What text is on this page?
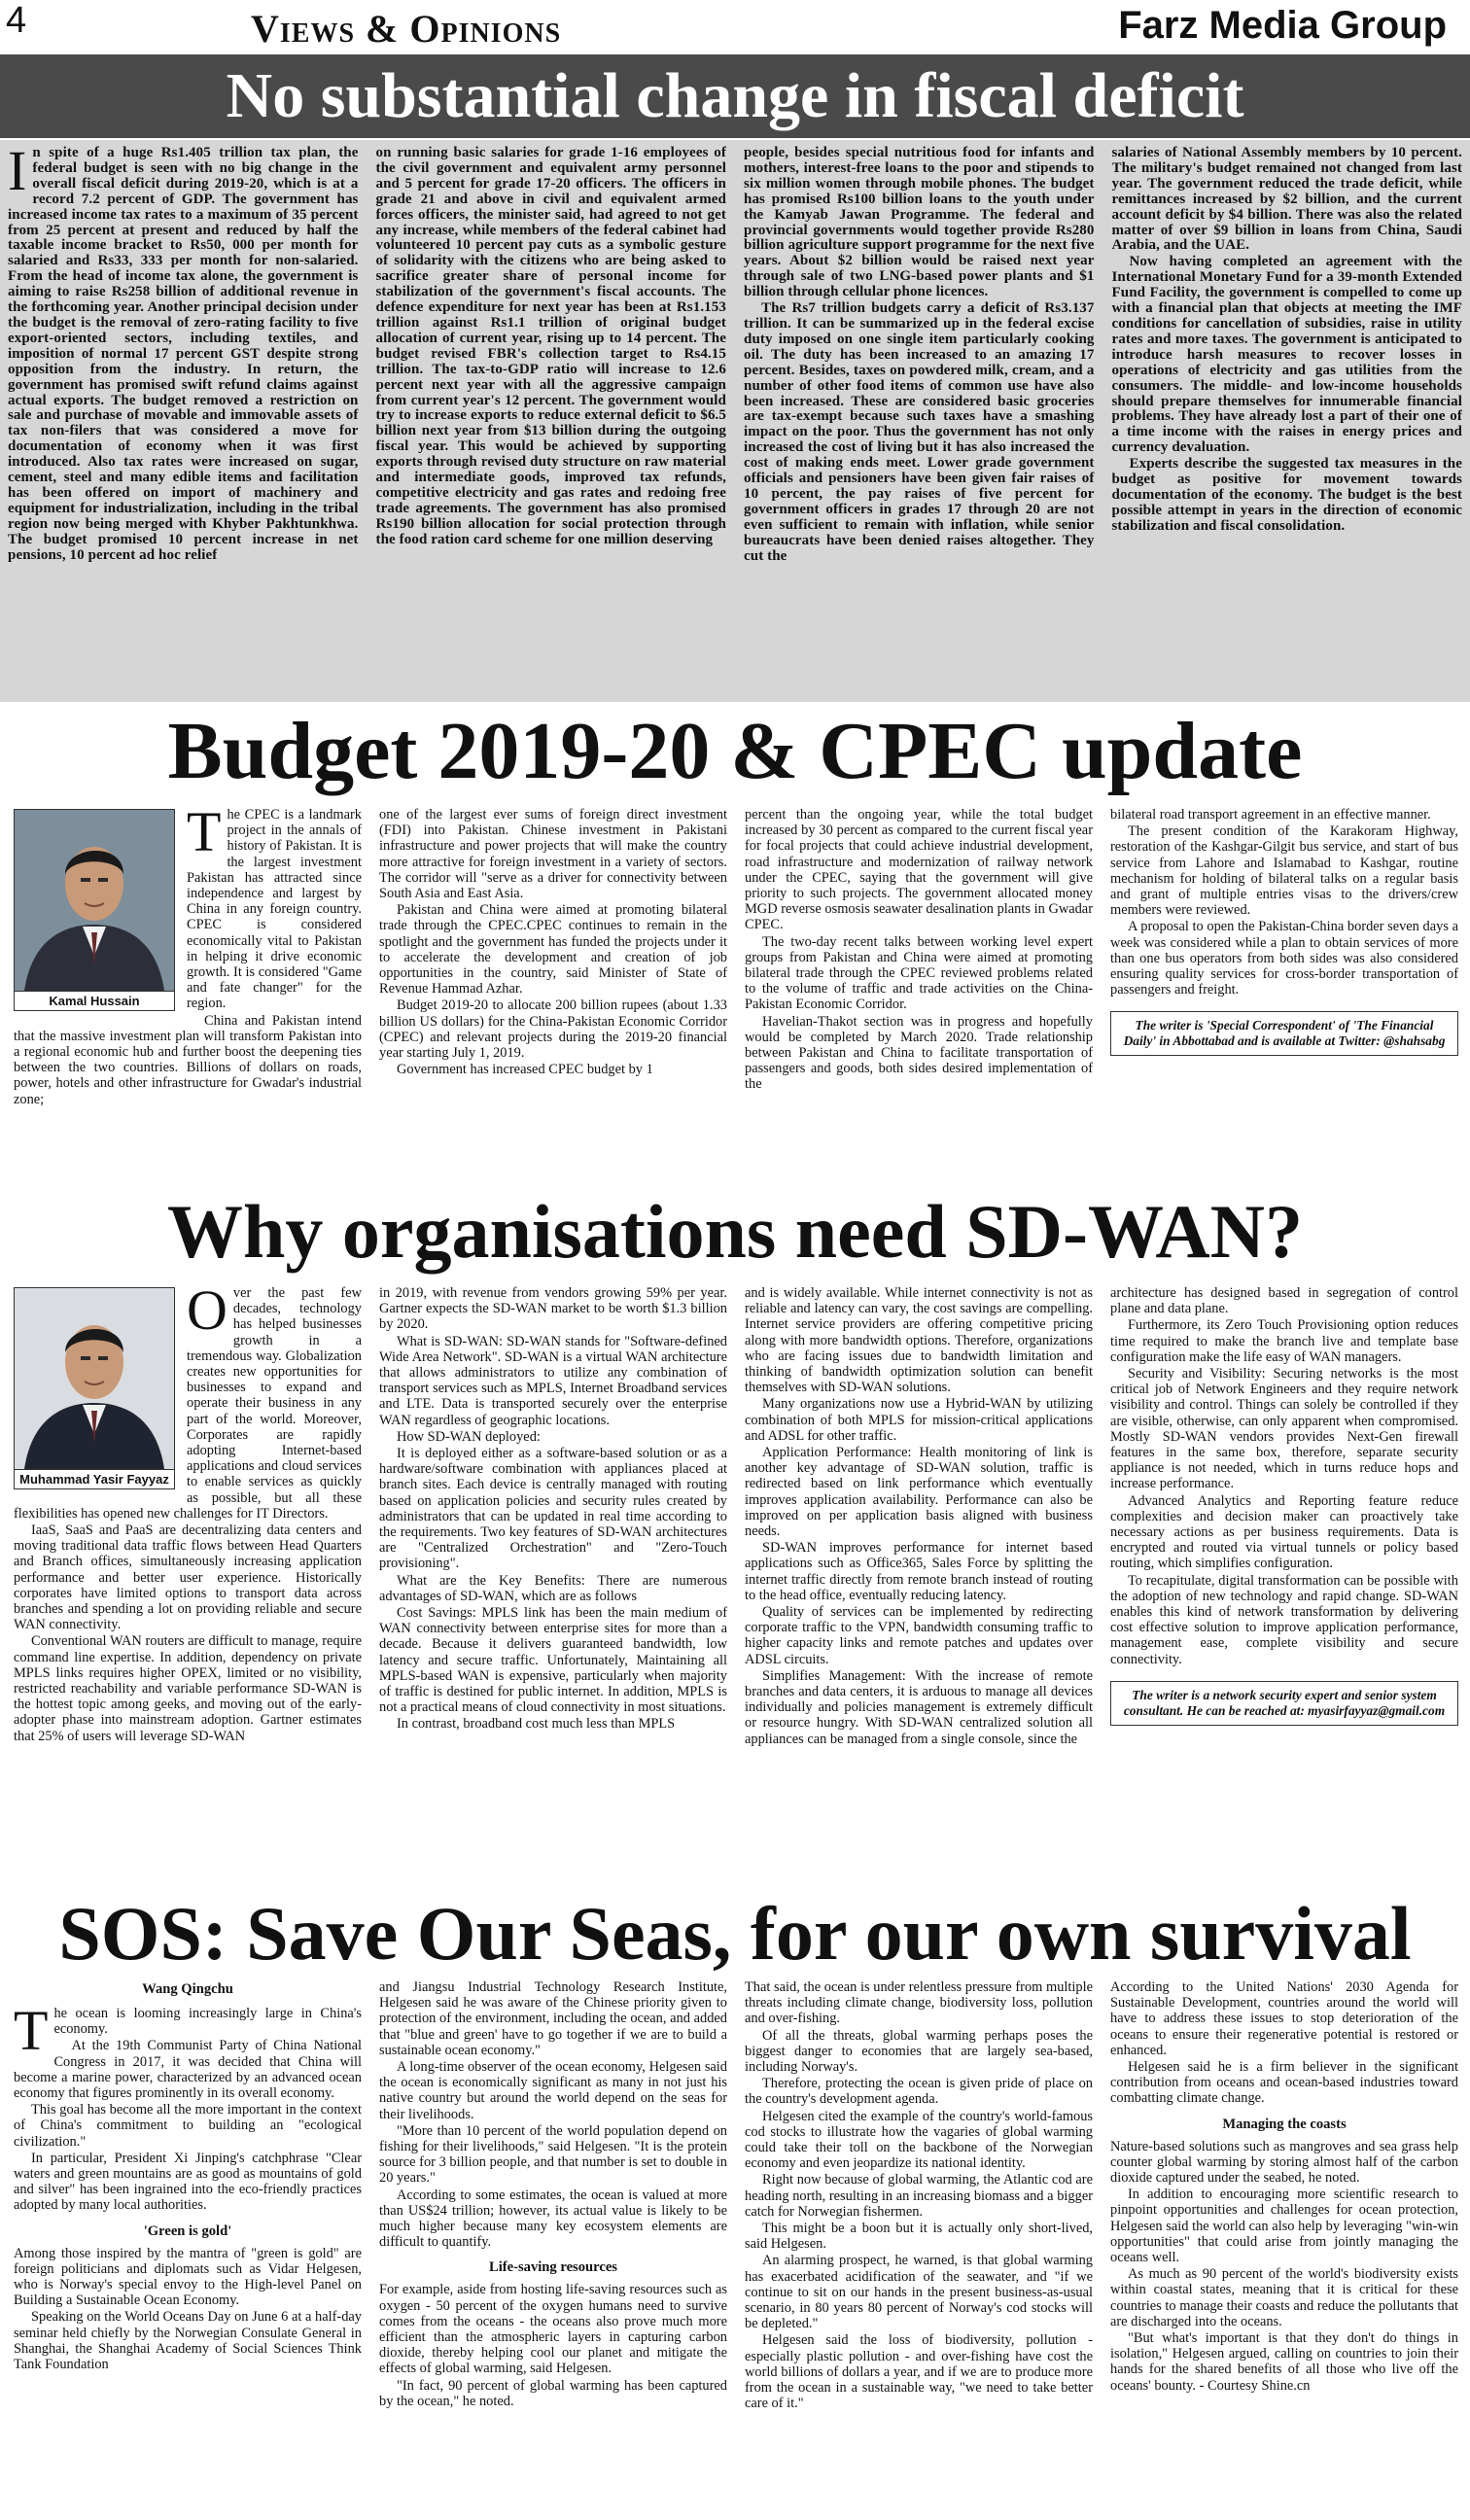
4	Views & Opinions	Farz Media Group
No substantial change in fiscal deficit

In spite of a huge Rs1.405 trillion tax plan, the federal budget is seen with no big change in the overall fiscal deficit during 2019-20, which is at a record 7.2 percent of GDP. The government has increased income tax rates to a maximum of 35 percent from 25 percent at present and reduced by half the taxable income bracket to Rs50, 000 per month for salaried and Rs33, 333 per month for non-salaried. From the head of income tax alone, the government is aiming to raise Rs258 billion of additional revenue in the forthcoming year. Another principal decision under the budget is the removal of zero-rating facility to five export-oriented sectors, including textiles, and imposition of normal 17 percent GST despite strong opposition from the industry. In return, the government has promised swift refund claims against actual exports. The budget removed a restriction on sale and purchase of movable and immovable assets of tax non-filers that was considered a move for documentation of economy when it was first introduced. Also tax rates were increased on sugar, cement, steel and many edible items and facilitation has been offered on import of machinery and equipment for industrialization, including in the tribal region now being merged with Khyber Pakhtunkhwa. The budget promised 10 percent increase in net pensions, 10 percent ad hoc relief

on running basic salaries for grade 1-16 employees of the civil government and equivalent army personnel and 5 percent for grade 17-20 officers. The officers in grade 21 and above in civil and equivalent armed forces officers, the minister said, had agreed to not get any increase, while members of the federal cabinet had volunteered 10 percent pay cuts as a symbolic gesture of solidarity with the citizens who are being asked to sacrifice greater share of personal income for stabilization of the government's fiscal accounts. The defence expenditure for next year has been at Rs1.153 trillion against Rs1.1 trillion of original budget allocation of current year, rising up to 14 percent. The budget revised FBR's collection target to Rs4.15 trillion. The tax-to-GDP ratio will increase to 12.6 percent next year with all the aggressive campaign from current year's 12 percent. The government would try to increase exports to reduce external deficit to $6.5 billion next year from $13 billion during the outgoing fiscal year. This would be achieved by supporting exports through revised duty structure on raw material and intermediate goods, improved tax refunds, competitive electricity and gas rates and redoing free trade agreements. The government has also promised Rs190 billion allocation for social protection through the food ration card scheme for one million deserving

people, besides special nutritious food for infants and mothers, interest-free loans to the poor and stipends to six million women through mobile phones. The budget has promised Rs100 billion loans to the youth under the Kamyab Jawan Programme. The federal and provincial governments would together provide Rs280 billion agriculture support programme for the next five years. About $2 billion would be raised next year through sale of two LNG-based power plants and $1 billion through cellular phone licences.

The Rs7 trillion budgets carry a deficit of Rs3.137 trillion. It can be summarized up in the federal excise duty imposed on one single item particularly cooking oil. The duty has been increased to an amazing 17 percent. Besides, taxes on powdered milk, cream, and a number of other food items of common use have also been increased. These are considered basic groceries are tax-exempt because such taxes have a smashing impact on the poor. Thus the government has not only increased the cost of living but it has also increased the cost of making ends meet. Lower grade government officials and pensioners have been given fair raises of 10 percent, the pay raises of five percent for government officers in grades 17 through 20 are not even sufficient to remain with inflation, while senior bureaucrats have been denied raises altogether. They cut the

salaries of National Assembly members by 10 percent. The military's budget remained not changed from last year. The government reduced the trade deficit, while remittances increased by $2 billion, and the current account deficit by $4 billion. There was also the related matter of over $9 billion in loans from China, Saudi Arabia, and the UAE.

Now having completed an agreement with the International Monetary Fund for a 39-month Extended Fund Facility, the government is compelled to come up with a financial plan that objects at meeting the IMF conditions for cancellation of subsidies, raise in utility rates and more taxes. The government is anticipated to introduce harsh measures to recover losses in operations of electricity and gas utilities from the consumers. The middle- and low-income households should prepare themselves for innumerable financial problems. They have already lost a part of their one of a time income with the raises in energy prices and currency devaluation.

Experts describe the suggested tax measures in the budget as positive for movement towards documentation of the economy. The budget is the best possible attempt in years in the direction of economic stabilization and fiscal consolidation.

Budget 2019-20 & CPEC update
Kamal Hussain

The CPEC is a landmark project in the annals of history of Pakistan. It is the largest investment Pakistan has attracted since independence and largest by China in any foreign country. CPEC is considered economically vital to Pakistan in helping it drive economic growth. It is considered "Game and fate changer" for the region.

China and Pakistan intend that the massive investment plan will transform Pakistan into a regional economic hub and further boost the deepening ties between the two countries. Billions of dollars on roads, power, hotels and other infrastructure for Gwadar's industrial zone;

one of the largest ever sums of foreign direct investment (FDI) into Pakistan. Chinese investment in Pakistani infrastructure and power projects that will make the country more attractive for foreign investment in a variety of sectors. The corridor will "serve as a driver for connectivity between South Asia and East Asia.

Pakistan and China were aimed at promoting bilateral trade through the CPEC.CPEC continues to remain in the spotlight and the government has funded the projects under it to accelerate the development and creation of job opportunities in the country, said Minister of State of Revenue Hammad Azhar.

Budget 2019-20 to allocate 200 billion rupees (about 1.33 billion US dollars) for the China-Pakistan Economic Corridor (CPEC) and relevant projects during the 2019-20 financial year starting July 1, 2019.

Government has increased CPEC budget by 1

percent than the ongoing year, while the total budget increased by 30 percent as compared to the current fiscal year for focal projects that could achieve industrial development, road infrastructure and modernization of railway network under the CPEC, saying that the government will give priority to such projects. The government allocated money MGD reverse osmosis seawater desalination plants in Gwadar CPEC.

The two-day recent talks between working level expert groups from Pakistan and China were aimed at promoting bilateral trade through the CPEC reviewed problems related to the volume of traffic and trade activities on the China-Pakistan Economic Corridor.

Havelian-Thakot section was in progress and hopefully would be completed by March 2020. Trade relationship between Pakistan and China to facilitate transportation of passengers and goods, both sides desired implementation of the

bilateral road transport agreement in an effective manner.

The present condition of the Karakoram Highway, restoration of the Kashgar-Gilgit bus service, and start of bus service from Lahore and Islamabad to Kashgar, routine mechanism for holding of bilateral talks on a regular basis and grant of multiple entries visas to the drivers/crew members were reviewed.

A proposal to open the Pakistan-China border seven days a week was considered while a plan to obtain services of more than one bus operators from both sides was also considered ensuring quality services for cross-border transportation of passengers and freight.

The writer is 'Special Correspondent' of 'The Financial Daily' in Abbottabad and is available at Twitter: @shahsabg
Why organisations need SD-WAN?
Muhammad Yasir Fayyaz

Over the past few decades, technology has helped businesses growth in a tremendous way. Globalization creates new opportunities for businesses to expand and operate their business in any part of the world. Moreover, Corporates are rapidly adopting Internet-based applications and cloud services to enable services as quickly as possible, but all these flexibilities has opened new challenges for IT Directors.

IaaS, SaaS and PaaS are decentralizing data centers and moving traditional data traffic flows between Head Quarters and Branch offices, simultaneously increasing application performance and better user experience. Historically corporates have limited options to transport data across branches and spending a lot on providing reliable and secure WAN connectivity.

Conventional WAN routers are difficult to manage, require command line expertise. In addition, dependency on private MPLS links requires higher OPEX, limited or no visibility, restricted reachability and variable performance SD-WAN is the hottest topic among geeks, and moving out of the early-adopter phase into mainstream adoption. Gartner estimates that 25% of users will leverage SD-WAN

in 2019, with revenue from vendors growing 59% per year. Gartner expects the SD-WAN market to be worth $1.3 billion by 2020.

What is SD-WAN: SD-WAN stands for "Software-defined Wide Area Network". SD-WAN is a virtual WAN architecture that allows administrators to utilize any combination of transport services such as MPLS, Internet Broadband services and LTE. Data is transported securely over the enterprise WAN regardless of geographic locations.

How SD-WAN deployed:

It is deployed either as a software-based solution or as a hardware/software combination with appliances placed at branch sites. Each device is centrally managed with routing based on application policies and security rules created by administrators that can be updated in real time according to the requirements. Two key features of SD-WAN architectures are "Centralized Orchestration" and "Zero-Touch provisioning".

What are the Key Benefits: There are numerous advantages of SD-WAN, which are as follows

Cost Savings: MPLS link has been the main medium of WAN connectivity between enterprise sites for more than a decade. Because it delivers guaranteed bandwidth, low latency and secure traffic. Unfortunately, Maintaining all MPLS-based WAN is expensive, particularly when majority of traffic is destined for public internet. In addition, MPLS is not a practical means of cloud connectivity in most situations.

In contrast, broadband cost much less than MPLS

and is widely available. While internet connectivity is not as reliable and latency can vary, the cost savings are compelling. Internet service providers are offering competitive pricing along with more bandwidth options. Therefore, organizations who are facing issues due to bandwidth limitation and thinking of bandwidth optimization solution can benefit themselves with SD-WAN solutions.

Many organizations now use a Hybrid-WAN by utilizing combination of both MPLS for mission-critical applications and ADSL for other traffic.

Application Performance: Health monitoring of link is another key advantage of SD-WAN solution, traffic is redirected based on link performance which eventually improves application availability. Performance can also be improved on per application basis aligned with business needs.

SD-WAN improves performance for internet based applications such as Office365, Sales Force by splitting the internet traffic directly from remote branch instead of routing to the head office, eventually reducing latency.

Quality of services can be implemented by redirecting corporate traffic to the VPN, bandwidth consuming traffic to higher capacity links and remote patches and updates over ADSL circuits.

Simplifies Management: With the increase of remote branches and data centers, it is arduous to manage all devices individually and policies management is extremely difficult or resource hungry. With SD-WAN centralized solution all appliances can be managed from a single console, since the

architecture has designed based in segregation of control plane and data plane.

Furthermore, its Zero Touch Provisioning option reduces time required to make the branch live and template base configuration make the life easy of WAN managers.

Security and Visibility: Securing networks is the most critical job of Network Engineers and they require network visibility and control. Things can solely be controlled if they are visible, otherwise, can only apparent when compromised. Mostly SD-WAN vendors provides Next-Gen firewall features in the same box, therefore, separate security appliance is not needed, which in turns reduce hops and increase performance.

Advanced Analytics and Reporting feature reduce complexities and decision maker can proactively take necessary actions as per business requirements. Data is encrypted and routed via virtual tunnels or policy based routing, which simplifies configuration.

To recapitulate, digital transformation can be possible with the adoption of new technology and rapid change. SD-WAN enables this kind of network transformation by delivering cost effective solution to improve application performance, management ease, complete visibility and secure connectivity.

The writer is a network security expert and senior system consultant. He can be reached at: myasirfayyaz@gmail.com
SOS: Save Our Seas, for our own survival
Wang Qingchu

The ocean is looming increasingly large in China's economy.

At the 19th Communist Party of China National Congress in 2017, it was decided that China will become a marine power, characterized by an advanced ocean economy that figures prominently in its overall economy.

This goal has become all the more important in the context of China's commitment to building an "ecological civilization."

In particular, President Xi Jinping's catchphrase "Clear waters and green mountains are as good as mountains of gold and silver" has been ingrained into the eco-friendly practices adopted by many local authorities.

'Green is gold'

Among those inspired by the mantra of "green is gold" are foreign politicians and diplomats such as Vidar Helgesen, who is Norway's special envoy to the High-level Panel on Building a Sustainable Ocean Economy.

Speaking on the World Oceans Day on June 6 at a half-day seminar held chiefly by the Norwegian Consulate General in Shanghai, the Shanghai Academy of Social Sciences Think Tank Foundation

and Jiangsu Industrial Technology Research Institute, Helgesen said he was aware of the Chinese priority given to protection of the environment, including the ocean, and added that "blue and green' have to go together if we are to build a sustainable ocean economy."

A long-time observer of the ocean economy, Helgesen said the ocean is economically significant as many in not just his native country but around the world depend on the seas for their livelihoods.

"More than 10 percent of the world population depend on fishing for their livelihoods," said Helgesen. "It is the protein source for 3 billion people, and that number is set to double in 20 years."

According to some estimates, the ocean is valued at more than US$24 trillion; however, its actual value is likely to be much higher because many key ecosystem elements are difficult to quantify.

Life-saving resources

For example, aside from hosting life-saving resources such as oxygen - 50 percent of the oxygen humans need to survive comes from the oceans - the oceans also prove much more efficient than the atmospheric layers in capturing carbon dioxide, thereby helping cool our planet and mitigate the effects of global warming, said Helgesen.

"In fact, 90 percent of global warming has been captured by the ocean," he noted.

That said, the ocean is under relentless pressure from multiple threats including climate change, biodiversity loss, pollution and over-fishing.

Of all the threats, global warming perhaps poses the biggest danger to economies that are largely sea-based, including Norway's.

Therefore, protecting the ocean is given pride of place on the country's development agenda.

Helgesen cited the example of the country's world-famous cod stocks to illustrate how the vagaries of global warming could take their toll on the backbone of the Norwegian economy and even jeopardize its national identity.

Right now because of global warming, the Atlantic cod are heading north, resulting in an increasing biomass and a bigger catch for Norwegian fishermen.

This might be a boon but it is actually only short-lived, said Helgesen.

An alarming prospect, he warned, is that global warming has exacerbated acidification of the seawater, and "if we continue to sit on our hands in the present business-as-usual scenario, in 80 years 80 percent of Norway's cod stocks will be depleted."

Helgesen said the loss of biodiversity, pollution - especially plastic pollution - and over-fishing have cost the world billions of dollars a year, and if we are to produce more from the ocean in a sustainable way, "we need to take better care of it."

According to the United Nations' 2030 Agenda for Sustainable Development, countries around the world will have to address these issues to stop deterioration of the oceans to ensure their regenerative potential is restored or enhanced.

Helgesen said he is a firm believer in the significant contribution from oceans and ocean-based industries toward combatting climate change.

Managing the coasts

Nature-based solutions such as mangroves and sea grass help counter global warming by storing almost half of the carbon dioxide captured under the seabed, he noted.

In addition to encouraging more scientific research to pinpoint opportunities and challenges for ocean protection, Helgesen said the world can also help by leveraging "win-win opportunities" that could arise from jointly managing the oceans well.

As much as 90 percent of the world's biodiversity exists within coastal states, meaning that it is critical for these countries to manage their coasts and reduce the pollutants that are discharged into the oceans.

"But what's important is that they don't do things in isolation," Helgesen argued, calling on countries to join their hands for the shared benefits of all those who live off the oceans' bounty. - Courtesy Shine.cn
